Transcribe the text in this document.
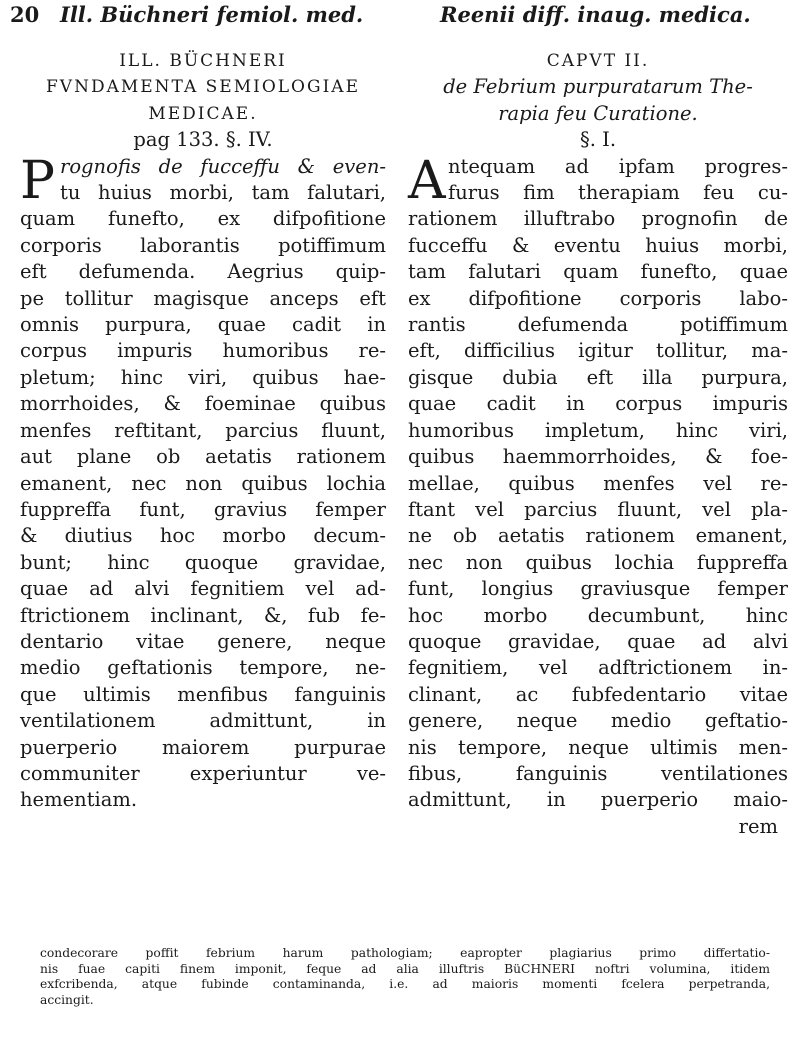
20 Ill. Büchneri femiol. med.	Reenii diff. inaug. medica.
ILL. BÜCHNERI
FVNDAMENTA SEMIOLOGIAE
MEDICAE.
pag 133. §. IV.
P rognofis de fucceffu & even-
tu huius morbi, tam falutari,
quam funefto, ex difpofitione
corporis laborantis potiffimum
eft defumenda. Aegrius quip-
pe tollitur magisque anceps eft
omnis purpura, quae cadit in
corpus impuris humoribus re-
pletum; hinc viri, quibus hae-
morrhoides, & foeminae quibus
menfes reftitant, parcius fluunt,
aut plane ob aetatis rationem
emanent, nec non quibus lochia
fuppreffa funt, gravius femper
& diutius hoc morbo decum-
bunt; hinc quoque gravidae,
quae ad alvi fegnitiem vel ad-
ftrictionem inclinant, &, fub fe-
dentario vitae genere, neque
medio geftationis tempore, ne-
que ultimis menfibus fanguinis
ventilationem admittunt, in
puerperio maiorem purpurae
communiter experiuntur ve-
hementiam.
CAPVT II.
de Febrium purpuratarum The-
rapia feu Curatione.
§. I.
A ntequam ad ipfam progres-
furus fim therapiam feu cu-
rationem illuftrabo prognofin de
fucceffu & eventu huius morbi,
tam falutari quam funefto, quae
ex difpofitione corporis labo-
rantis defumenda potiffimum
eft, difficilius igitur tollitur, ma-
gisque dubia eft illa purpura,
quae cadit in corpus impuris
humoribus impletum, hinc viri,
quibus haemmorrhoides, & foe-
mellae, quibus menfes vel re-
ftant vel parcius fluunt, vel pla-
ne ob aetatis rationem emanent,
nec non quibus lochia fuppreffa
funt, longius graviusque femper
hoc morbo decumbunt, hinc
quoque gravidae, quae ad alvi
fegnitiem, vel adftrictionem in-
clinant, ac fubfedentario vitae
genere, neque medio geftatio-
nis tempore, neque ultimis men-
fibus, fanguinis ventilationes
admittunt, in puerperio maio-
rem
condecorare poffit febrium harum pathologiam; eapropter plagiarius primo differtatio-
nis fuae capiti finem imponit, feque ad alia illuftris BüCHNERI noftri volumina, itidem
exfcribenda, atque fubinde contaminanda, i.e. ad maioris momenti fcelera perpetranda,
accingit.
